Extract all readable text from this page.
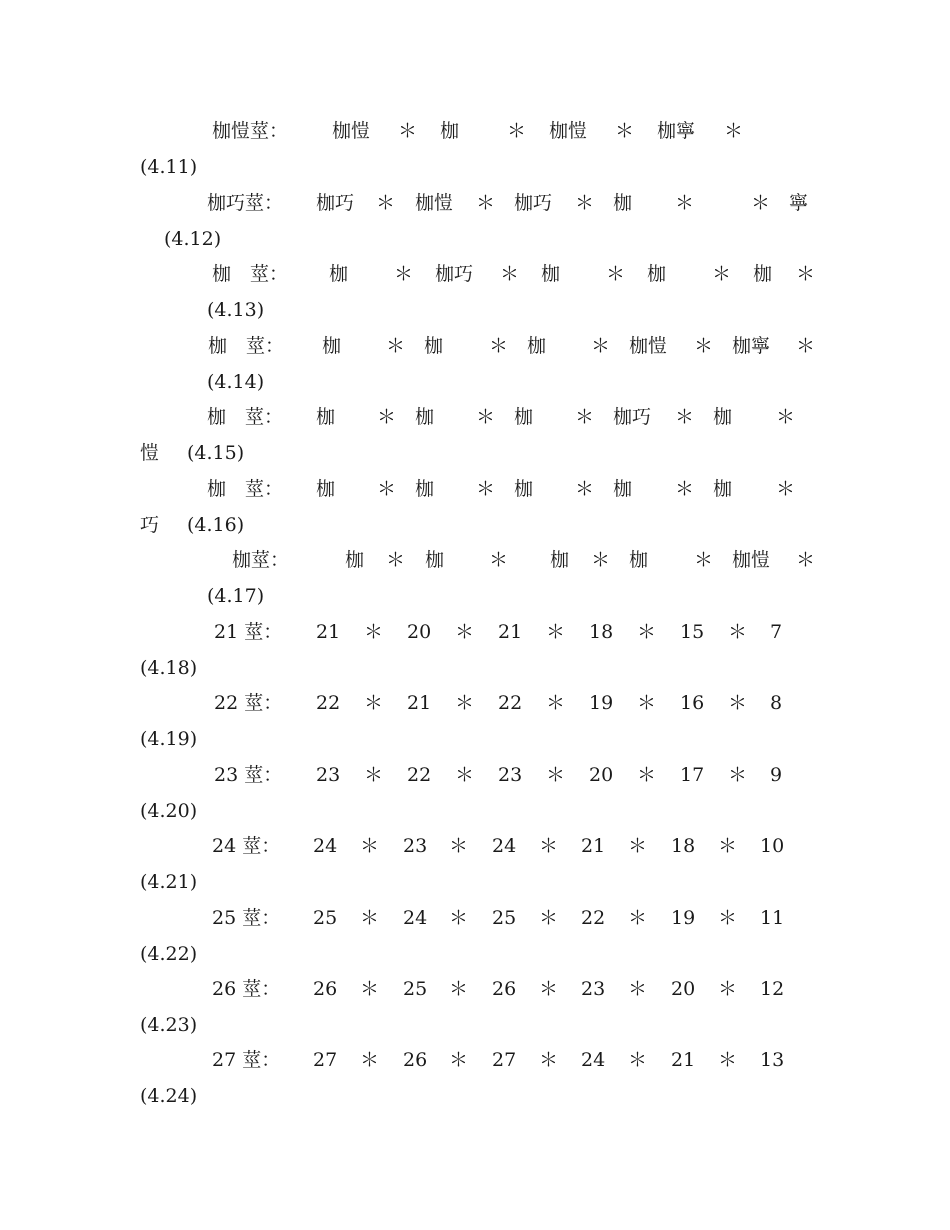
枷愷莖： 枷愷 ＊ 枷	＊ 枷愷 ＊ 枷寧 ＊
(4.11)
枷巧莖： 枷巧 ＊ 枷愷 ＊ 枷巧 ＊ 枷 ＊	＊ 寧
(4.12)
枷　莖： 枷 ＊ 枷巧 ＊ 枷 ＊ 枷 ＊ 枷 ＊
(4.13)
枷　莖： 枷 ＊ 枷 ＊ 枷 ＊ 枷愷 ＊ 枷寧 ＊
(4.14)
枷　莖： 枷 ＊ 枷 ＊ 枷 ＊ 枷巧 ＊ 枷 ＊
愷 (4.15)
枷　莖： 枷 ＊ 枷 ＊ 枷 ＊ 枷 ＊ 枷 ＊
巧 (4.16)
枷莖：	枷 ＊ 枷 ＊ 枷 ＊ 枷 ＊ 枷愷 ＊
(4.17)
21 莖： 21 ＊ 20 ＊ 21 ＊ 18 ＊ 15 ＊ 7
(4.18)
22 莖： 22 ＊ 21 ＊ 22 ＊ 19 ＊ 16 ＊ 8
(4.19)
23 莖： 23 ＊ 22 ＊ 23 ＊ 20 ＊ 17 ＊ 9
(4.20)
24 莖： 24 ＊ 23 ＊ 24 ＊ 21 ＊ 18 ＊ 10
(4.21)
25 莖： 25 ＊ 24 ＊ 25 ＊ 22 ＊ 19 ＊ 11
(4.22)
26 莖： 26 ＊ 25 ＊ 26 ＊ 23 ＊ 20 ＊ 12
(4.23)
27 莖： 27 ＊ 26 ＊ 27 ＊ 24 ＊ 21 ＊ 13
(4.24)
